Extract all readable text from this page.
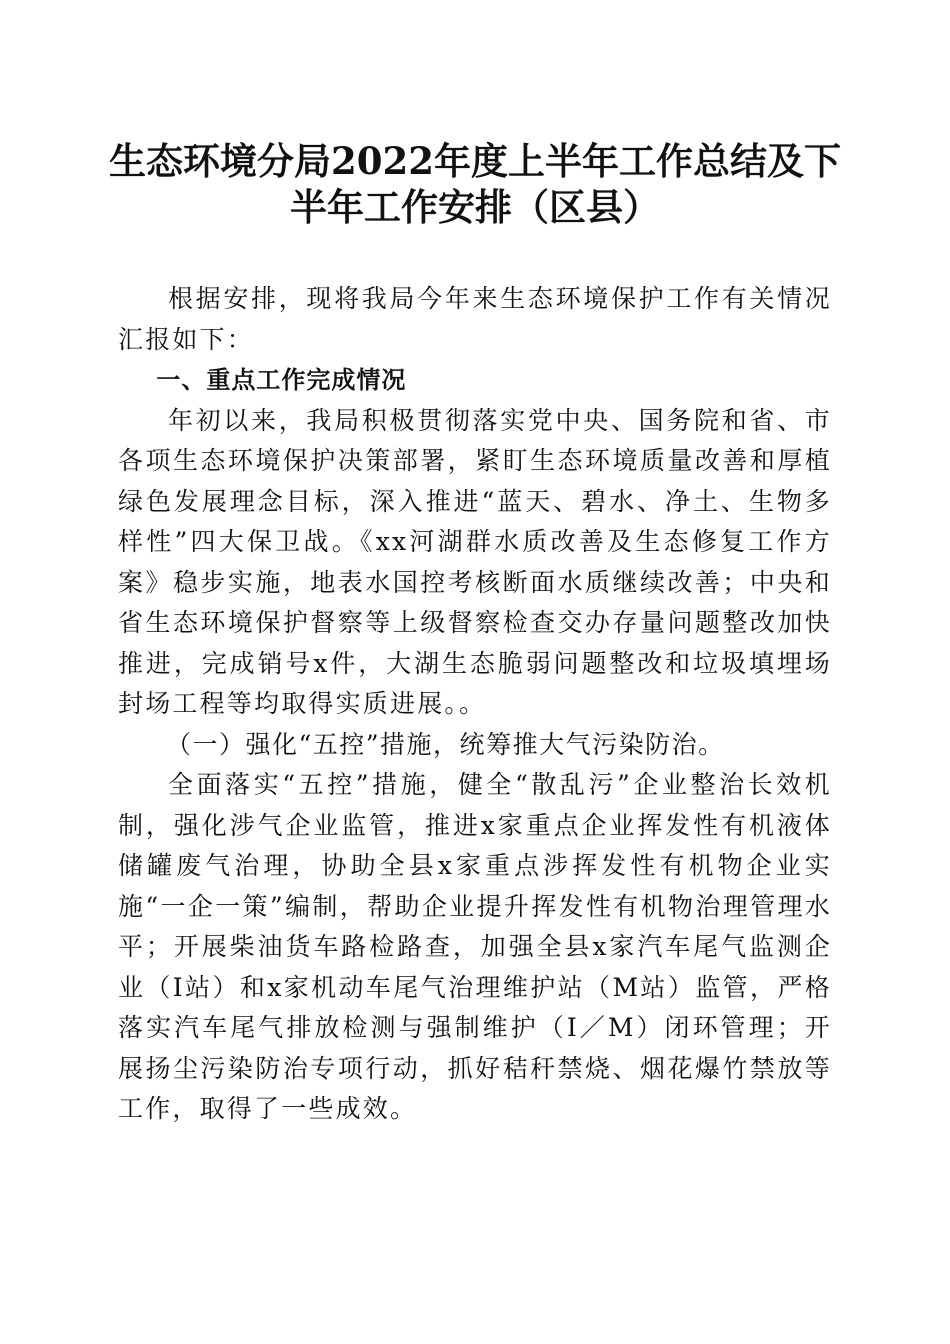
生态环境分局2022年度上半年工作总结及下
半年工作安排（区县）

根据安排，现将我局今年来生态环境保护工作有关情况汇报如下：

一、重点工作完成情况

年初以来，我局积极贯彻落实党中央、国务院和省、市各项生态环境保护决策部署，紧盯生态环境质量改善和厚植绿色发展理念目标，深入推进“蓝天、碧水、净土、生物多样性”四大保卫战。《xx河湖群水质改善及生态修复工作方案》稳步实施，地表水国控考核断面水质继续改善；中央和省生态环境保护督察等上级督察检查交办存量问题整改加快推进，完成销号x件，大湖生态脆弱问题整改和垃圾填埋场封场工程等均取得实质进展。。

（一）强化“五控”措施，统筹推大气污染防治。

全面落实“五控”措施，健全“散乱污”企业整治长效机制，强化涉气企业监管，推进x家重点企业挥发性有机液体储罐废气治理，协助全县x家重点涉挥发性有机物企业实施“一企一策”编制，帮助企业提升挥发性有机物治理管理水平；开展柴油货车路检路查，加强全县x家汽车尾气监测企业（I站）和x家机动车尾气治理维护站（M站）监管，严格落实汽车尾气排放检测与强制维护（I／M）闭环管理；开展扬尘污染防治专项行动，抓好秸秆禁烧、烟花爆竹禁放等工作，取得了一些成效。
